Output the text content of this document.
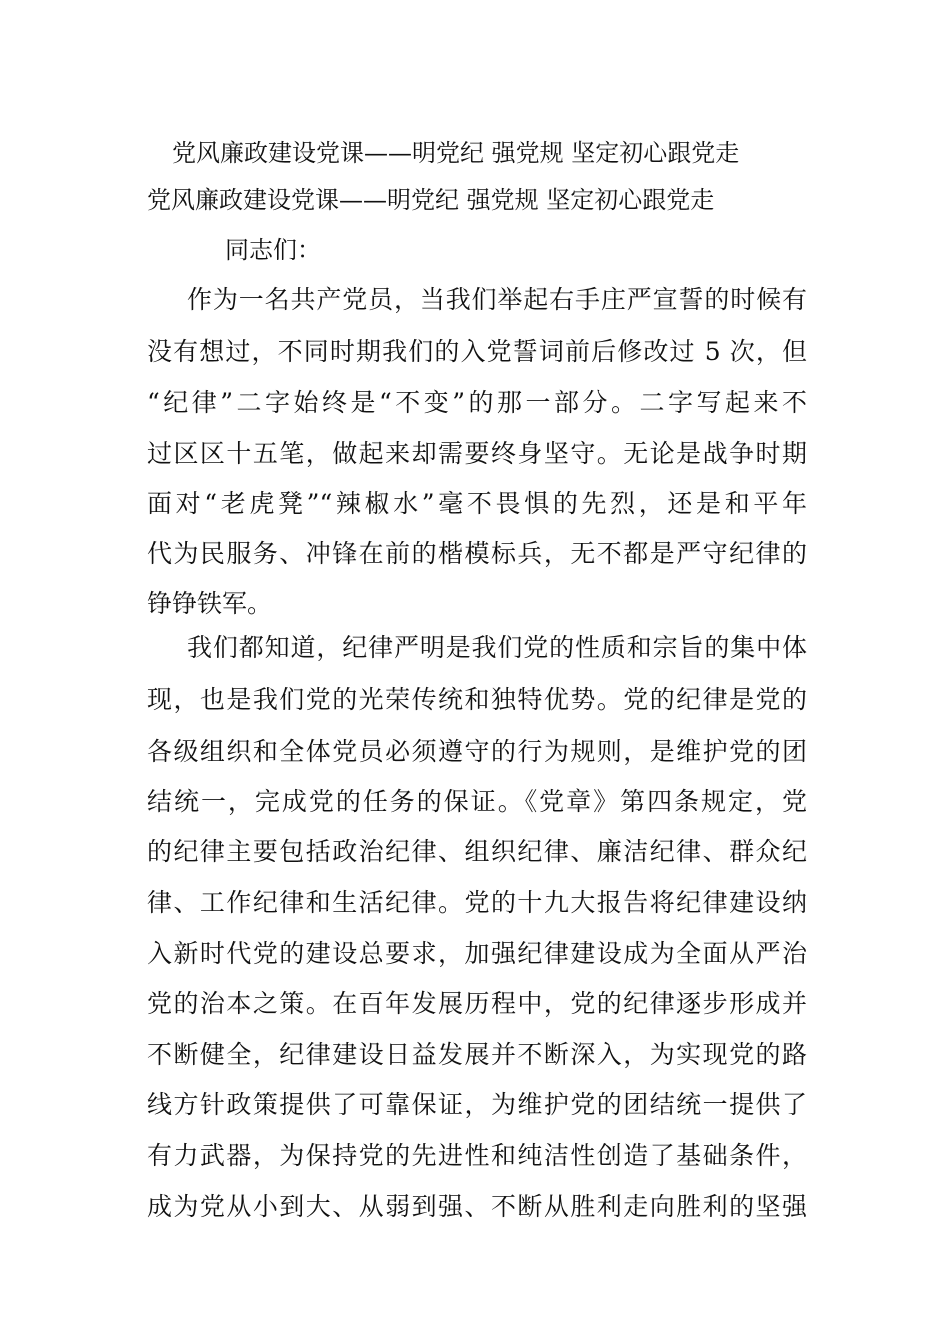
党风廉政建设党课——明党纪 强党规 坚定初心跟党走
党风廉政建设党课——明党纪 强党规 坚定初心跟党走
同志们：
作为一名共产党员，当我们举起右手庄严宣誓的时候有
没有想过，不同时期我们的入党誓词前后修改过 5 次，但
“纪律”二字始终是“不变”的那一部分。二字写起来不
过区区十五笔，做起来却需要终身坚守。无论是战争时期
面对“老虎凳”“辣椒水”毫不畏惧的先烈，还是和平年
代为民服务、冲锋在前的楷模标兵，无不都是严守纪律的
铮铮铁军。
我们都知道，纪律严明是我们党的性质和宗旨的集中体
现，也是我们党的光荣传统和独特优势。党的纪律是党的
各级组织和全体党员必须遵守的行为规则，是维护党的团
结统一，完成党的任务的保证。《党章》第四条规定，党
的纪律主要包括政治纪律、组织纪律、廉洁纪律、群众纪
律、工作纪律和生活纪律。党的十九大报告将纪律建设纳
入新时代党的建设总要求，加强纪律建设成为全面从严治
党的治本之策。在百年发展历程中，党的纪律逐步形成并
不断健全，纪律建设日益发展并不断深入，为实现党的路
线方针政策提供了可靠保证，为维护党的团结统一提供了
有力武器，为保持党的先进性和纯洁性创造了基础条件，
成为党从小到大、从弱到强、不断从胜利走向胜利的坚强
